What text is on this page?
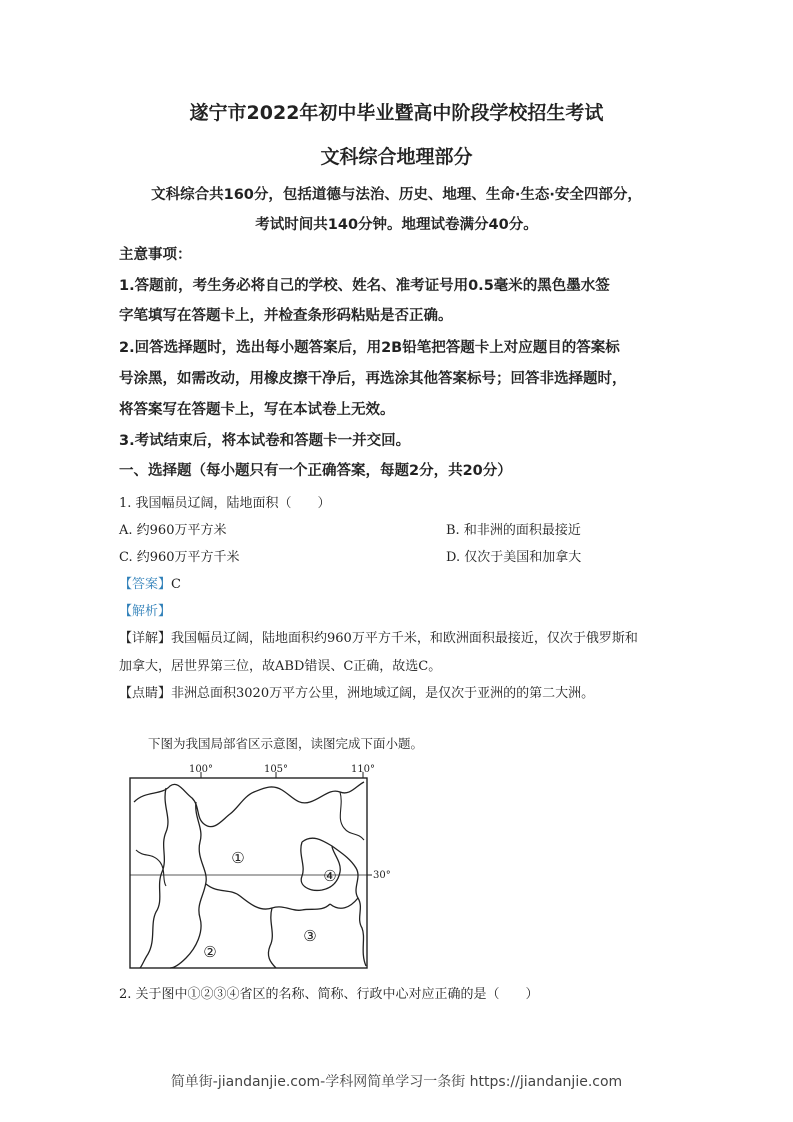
遂宁市2022年初中毕业暨高中阶段学校招生考试
文科综合地理部分
文科综合共160分，包括道德与法治、历史、地理、生命·生态·安全四部分，
考试时间共140分钟。地理试卷满分40分。
主意事项：
1.答题前，考生务必将自己的学校、姓名、准考证号用0.5毫米的黑色墨水签
字笔填写在答题卡上，并检查条形码粘贴是否正确。
2.回答选择题时，选出每小题答案后，用2B铅笔把答题卡上对应题目的答案标
号涂黑，如需改动，用橡皮擦干净后，再选涂其他答案标号；回答非选择题时，
将答案写在答题卡上，写在本试卷上无效。
3.考试结束后，将本试卷和答题卡一并交回。
一、选择题（每小题只有一个正确答案，每题2分，共20分）
1. 我国幅员辽阔，陆地面积（　　）
A. 约960万平方米	B. 和非洲的面积最接近
C. 约960万平方千米	D. 仅次于美国和加拿大
【答案】C
【解析】
【详解】我国幅员辽阔，陆地面积约960万平方千米，和欧洲面积最接近，仅次于俄罗斯和
加拿大，居世界第三位，故ABD错误、C正确，故选C。
【点睛】非洲总面积3020万平方公里，洲地域辽阔，是仅次于亚洲的的第二大洲。
下图为我国局部省区示意图，读图完成下面小题。
100°	105°	110°
30°
①
②
③
④
2. 关于图中①②③④省区的名称、简称、行政中心对应正确的是（　　）
简单街-jiandanjie.com-学科网简单学习一条街 https://jiandanjie.com
